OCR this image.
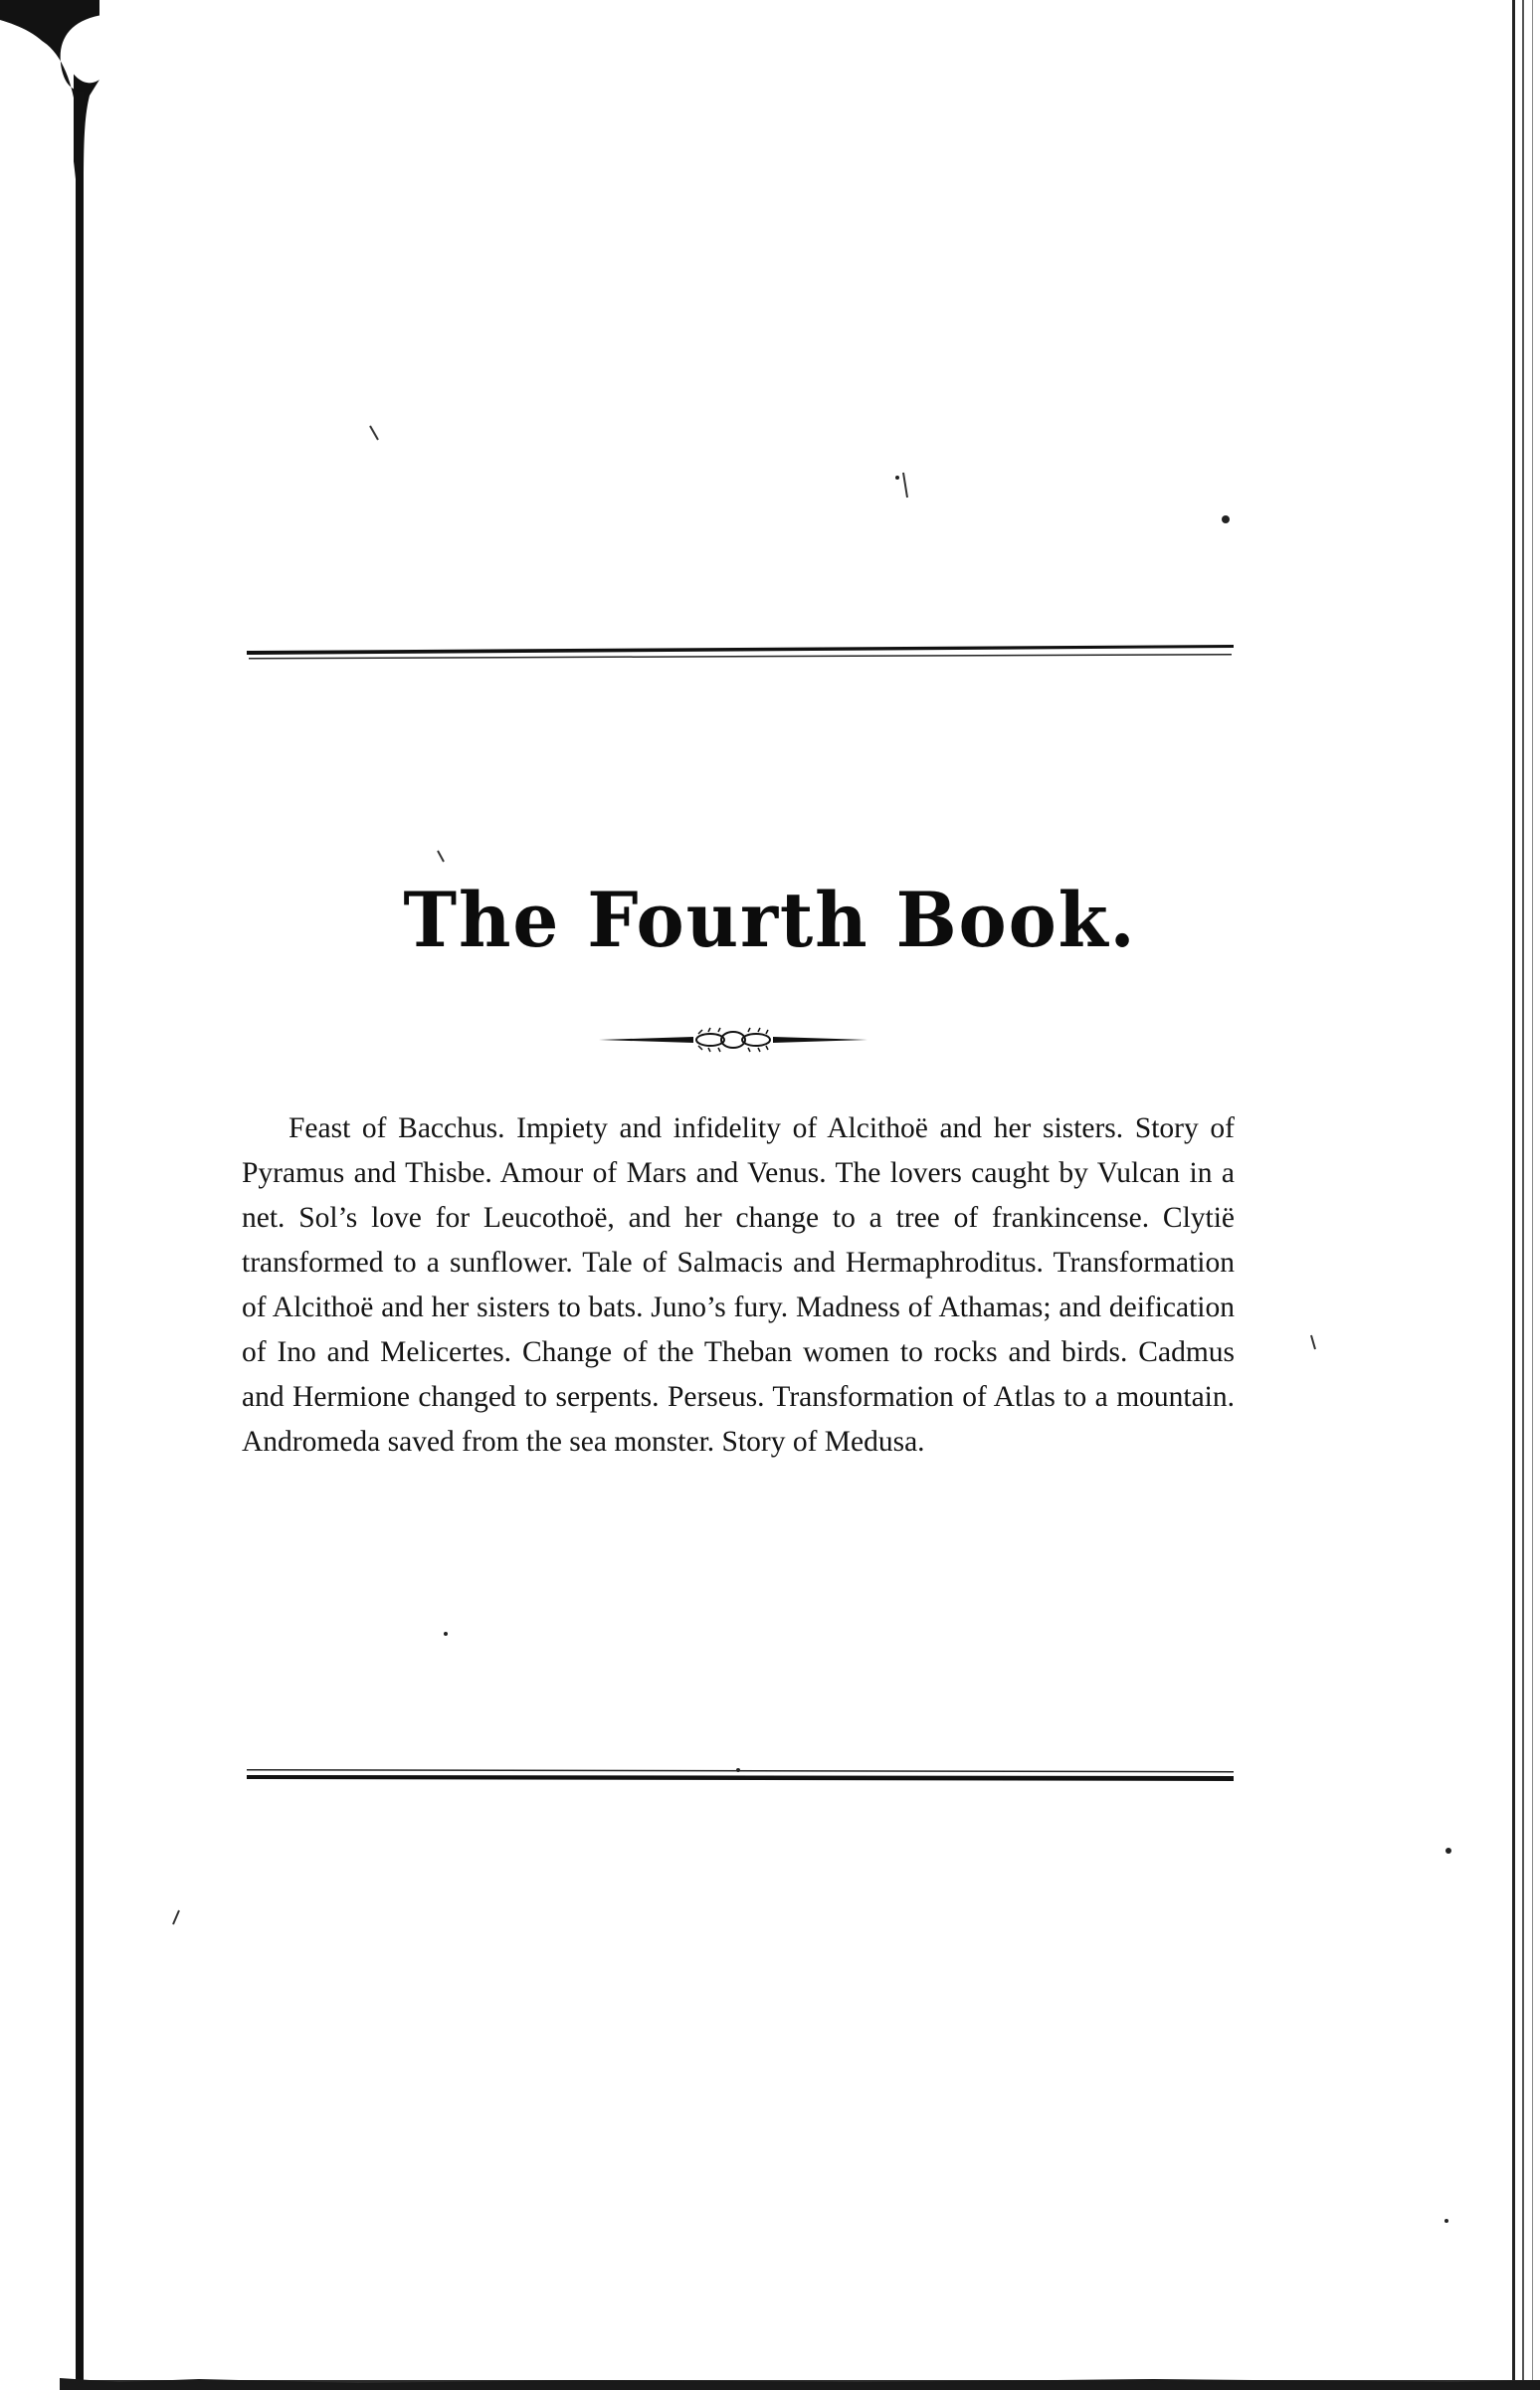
The Fourth Book.
Feast of Bacchus. Impiety and infidelity of Alcithoë and her sisters. Story of Pyramus and Thisbe. Amour of Mars and Venus. The lovers caught by Vulcan in a net. Sol’s love for Leucothoë, and her change to a tree of frankincense. Clytië transformed to a sunflower. Tale of Salmacis and Hermaphroditus. Transformation of Alcithoë and her sisters to bats. Juno’s fury. Madness of Athamas; and deification of Ino and Melicertes. Change of the Theban women to rocks and birds. Cadmus and Hermione changed to serpents. Perseus. Transformation of Atlas to a mountain. Andromeda saved from the sea monster. Story of Medusa.
